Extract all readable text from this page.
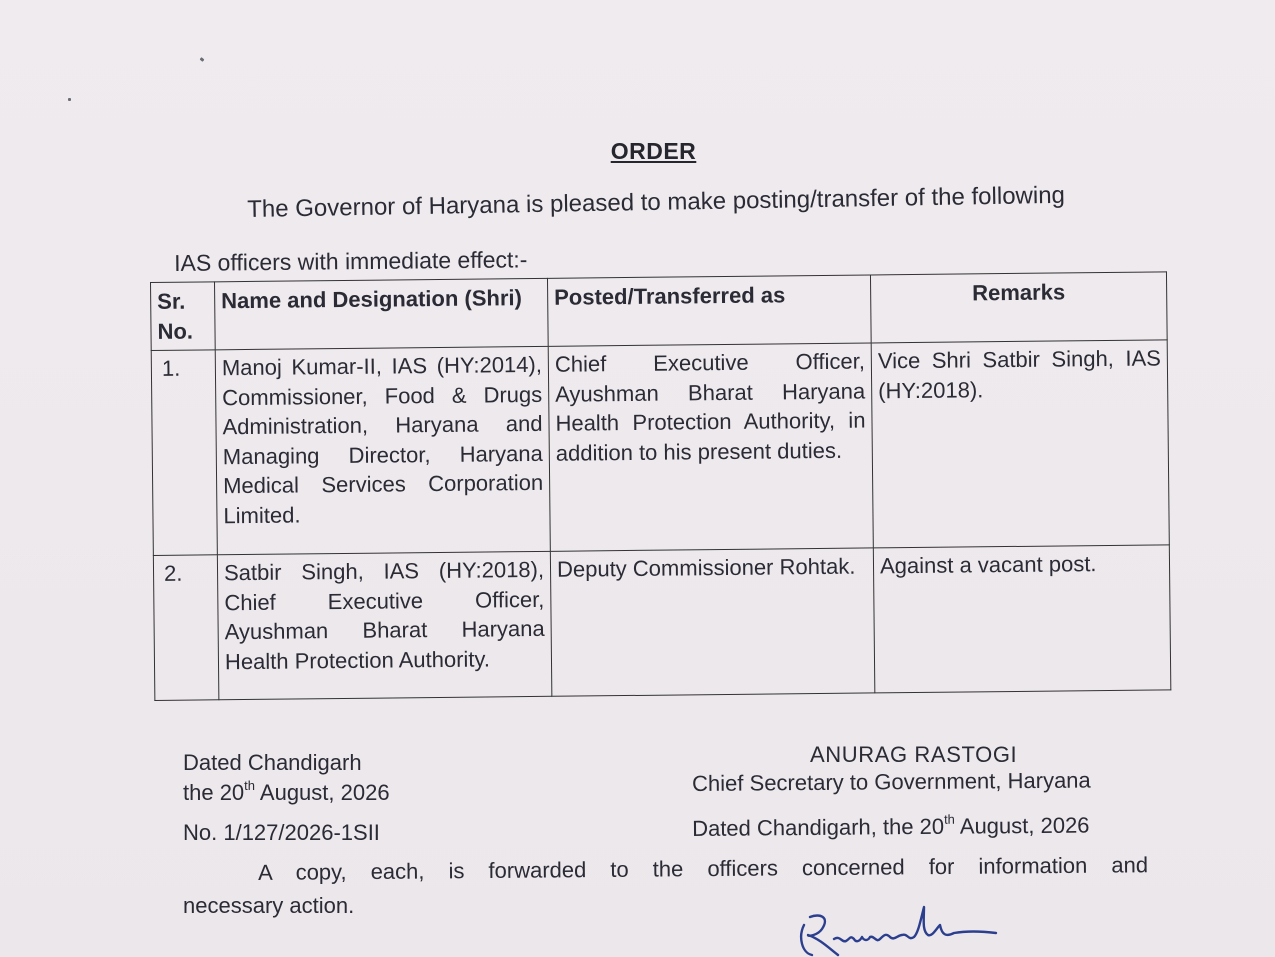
ORDER
The Governor of Haryana is pleased to make posting/transfer of the following
IAS officers with immediate effect:-
Sr. No.	Name and Designation (Shri)	Posted/Transferred as	Remarks
1.	Manoj Kumar-II, IAS (HY:2014), Commissioner, Food & Drugs Administration, Haryana and Managing Director, Haryana Medical Services Corporation Limited.	Chief Executive Officer, Ayushman Bharat Haryana Health Protection Authority, in addition to his present duties.	Vice Shri Satbir Singh, IAS (HY:2018).
2.	Satbir Singh, IAS (HY:2018), Chief Executive Officer, Ayushman Bharat Haryana Health Protection Authority.	Deputy Commissioner Rohtak.	Against a vacant post.
Dated Chandigarh
the 20th August, 2026
No. 1/127/2026-1SII
ANURAG RASTOGI
Chief Secretary to Government, Haryana
Dated Chandigarh, the 20th August, 2026
A copy, each, is forwarded to the officers concerned for information and
necessary action.
